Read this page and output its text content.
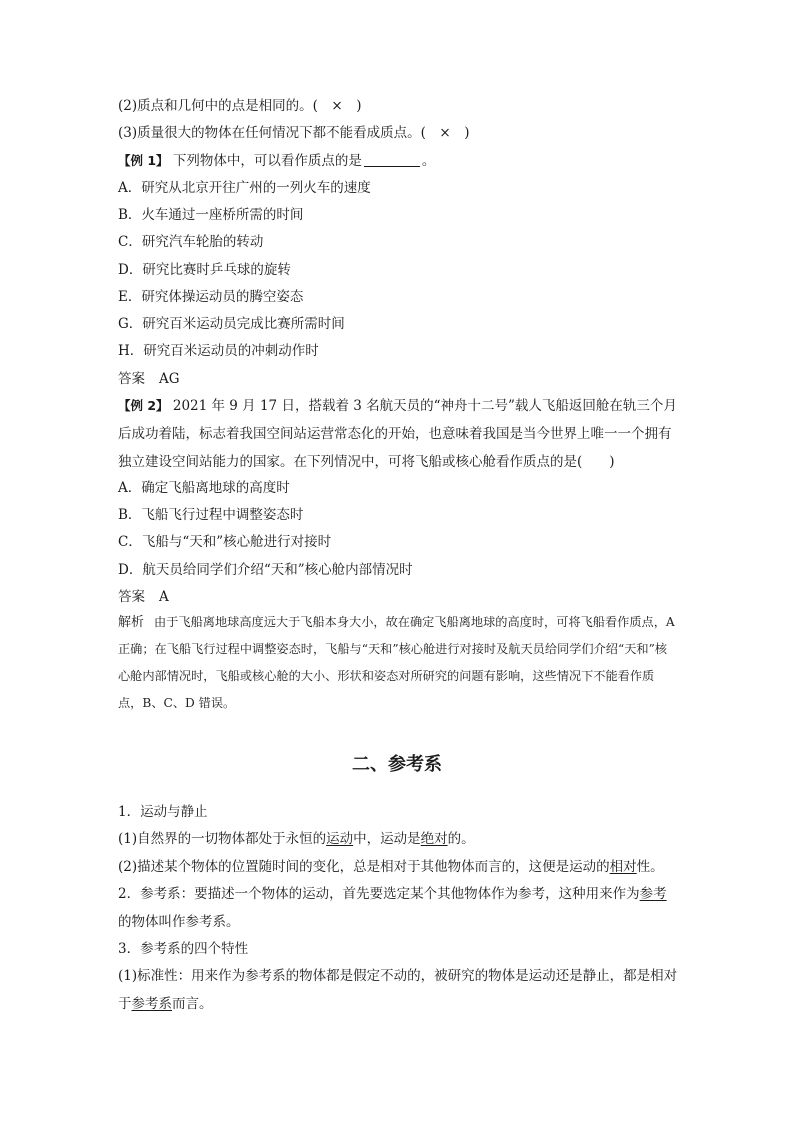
(2)质点和几何中的点是相同的。(　×　)
(3)质量很大的物体在任何情况下都不能看成质点。(　×　)
【例 1】 下列物体中，可以看作质点的是	。
A．研究从北京开往广州的一列火车的速度
B．火车通过一座桥所需的时间
C．研究汽车轮胎的转动
D．研究比赛时乒乓球的旋转
E．研究体操运动员的腾空姿态
G．研究百米运动员完成比赛所需时间
H．研究百米运动员的冲刺动作时
答案 AG
【例 2】 2021 年 9 月 17 日，搭载着 3 名航天员的“神舟十二号”载人飞船返回舱在轨三个月后成功着陆，标志着我国空间站运营常态化的开始，也意味着我国是当今世界上唯一一个拥有独立建设空间站能力的国家。在下列情况中，可将飞船或核心舱看作质点的是(　　)
A．确定飞船离地球的高度时
B．飞船飞行过程中调整姿态时
C．飞船与“天和”核心舱进行对接时
D．航天员给同学们介绍“天和”核心舱内部情况时
答案 A
解析 由于飞船离地球高度远大于飞船本身大小，故在确定飞船离地球的高度时，可将飞船看作质点，A 正确；在飞船飞行过程中调整姿态时，飞船与“天和”核心舱进行对接时及航天员给同学们介绍“天和”核心舱内部情况时，飞船或核心舱的大小、形状和姿态对所研究的问题有影响，这些情况下不能看作质点，B、C、D 错误。
二、参考系
1．运动与静止
(1)自然界的一切物体都处于永恒的运动中，运动是绝对的。
(2)描述某个物体的位置随时间的变化，总是相对于其他物体而言的，这便是运动的相对性。
2．参考系：要描述一个物体的运动，首先要选定某个其他物体作为参考，这种用来作为参考的物体叫作参考系。
3．参考系的四个特性
(1)标准性：用来作为参考系的物体都是假定不动的，被研究的物体是运动还是静止，都是相对于参考系而言。
